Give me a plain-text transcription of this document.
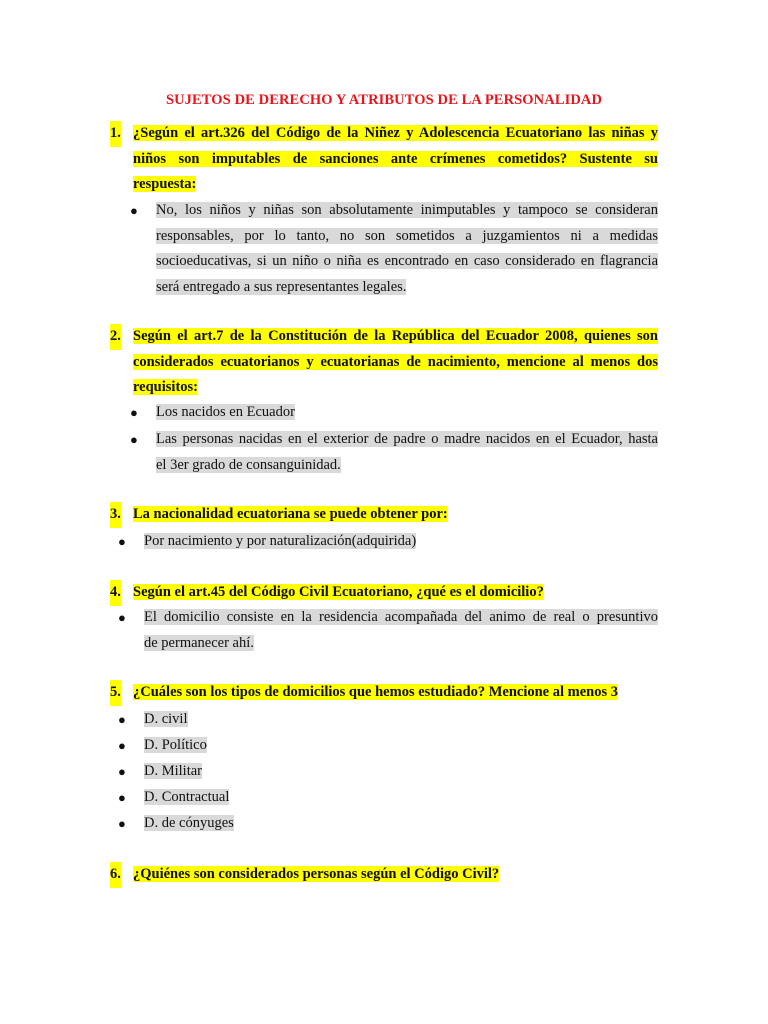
SUJETOS DE DERECHO Y ATRIBUTOS DE LA PERSONALIDAD
1. ¿Según el art.326 del Código de la Niñez y Adolescencia Ecuatoriano las niñas y
niños son imputables de sanciones ante crímenes cometidos? Sustente su
respuesta:
● No, los niños y niñas son absolutamente inimputables y tampoco se consideran
responsables, por lo tanto, no son sometidos a juzgamientos ni a medidas
socioeducativas, si un niño o niña es encontrado en caso considerado en flagrancia
será entregado a sus representantes legales.
2. Según el art.7 de la Constitución de la República del Ecuador 2008, quienes son
considerados ecuatorianos y ecuatorianas de nacimiento, mencione al menos dos
requisitos:
●	Los nacidos en Ecuador
● Las personas nacidas en el exterior de padre o madre nacidos en el Ecuador, hasta
el 3er grado de consanguinidad.
3. La nacionalidad ecuatoriana se puede obtener por:
●	Por nacimiento y por naturalización(adquirida)
4. Según el art.45 del Código Civil Ecuatoriano, ¿qué es el domicilio?
● El domicilio consiste en la residencia acompañada del animo de real o presuntivo
de permanecer ahí.
5. ¿Cuáles son los tipos de domicilios que hemos estudiado? Mencione al menos 3
●	D. civil
●	D. Político
●	D. Militar
●	D. Contractual
●	D. de cónyuges
6. ¿Quiénes son considerados personas según el Código Civil?
